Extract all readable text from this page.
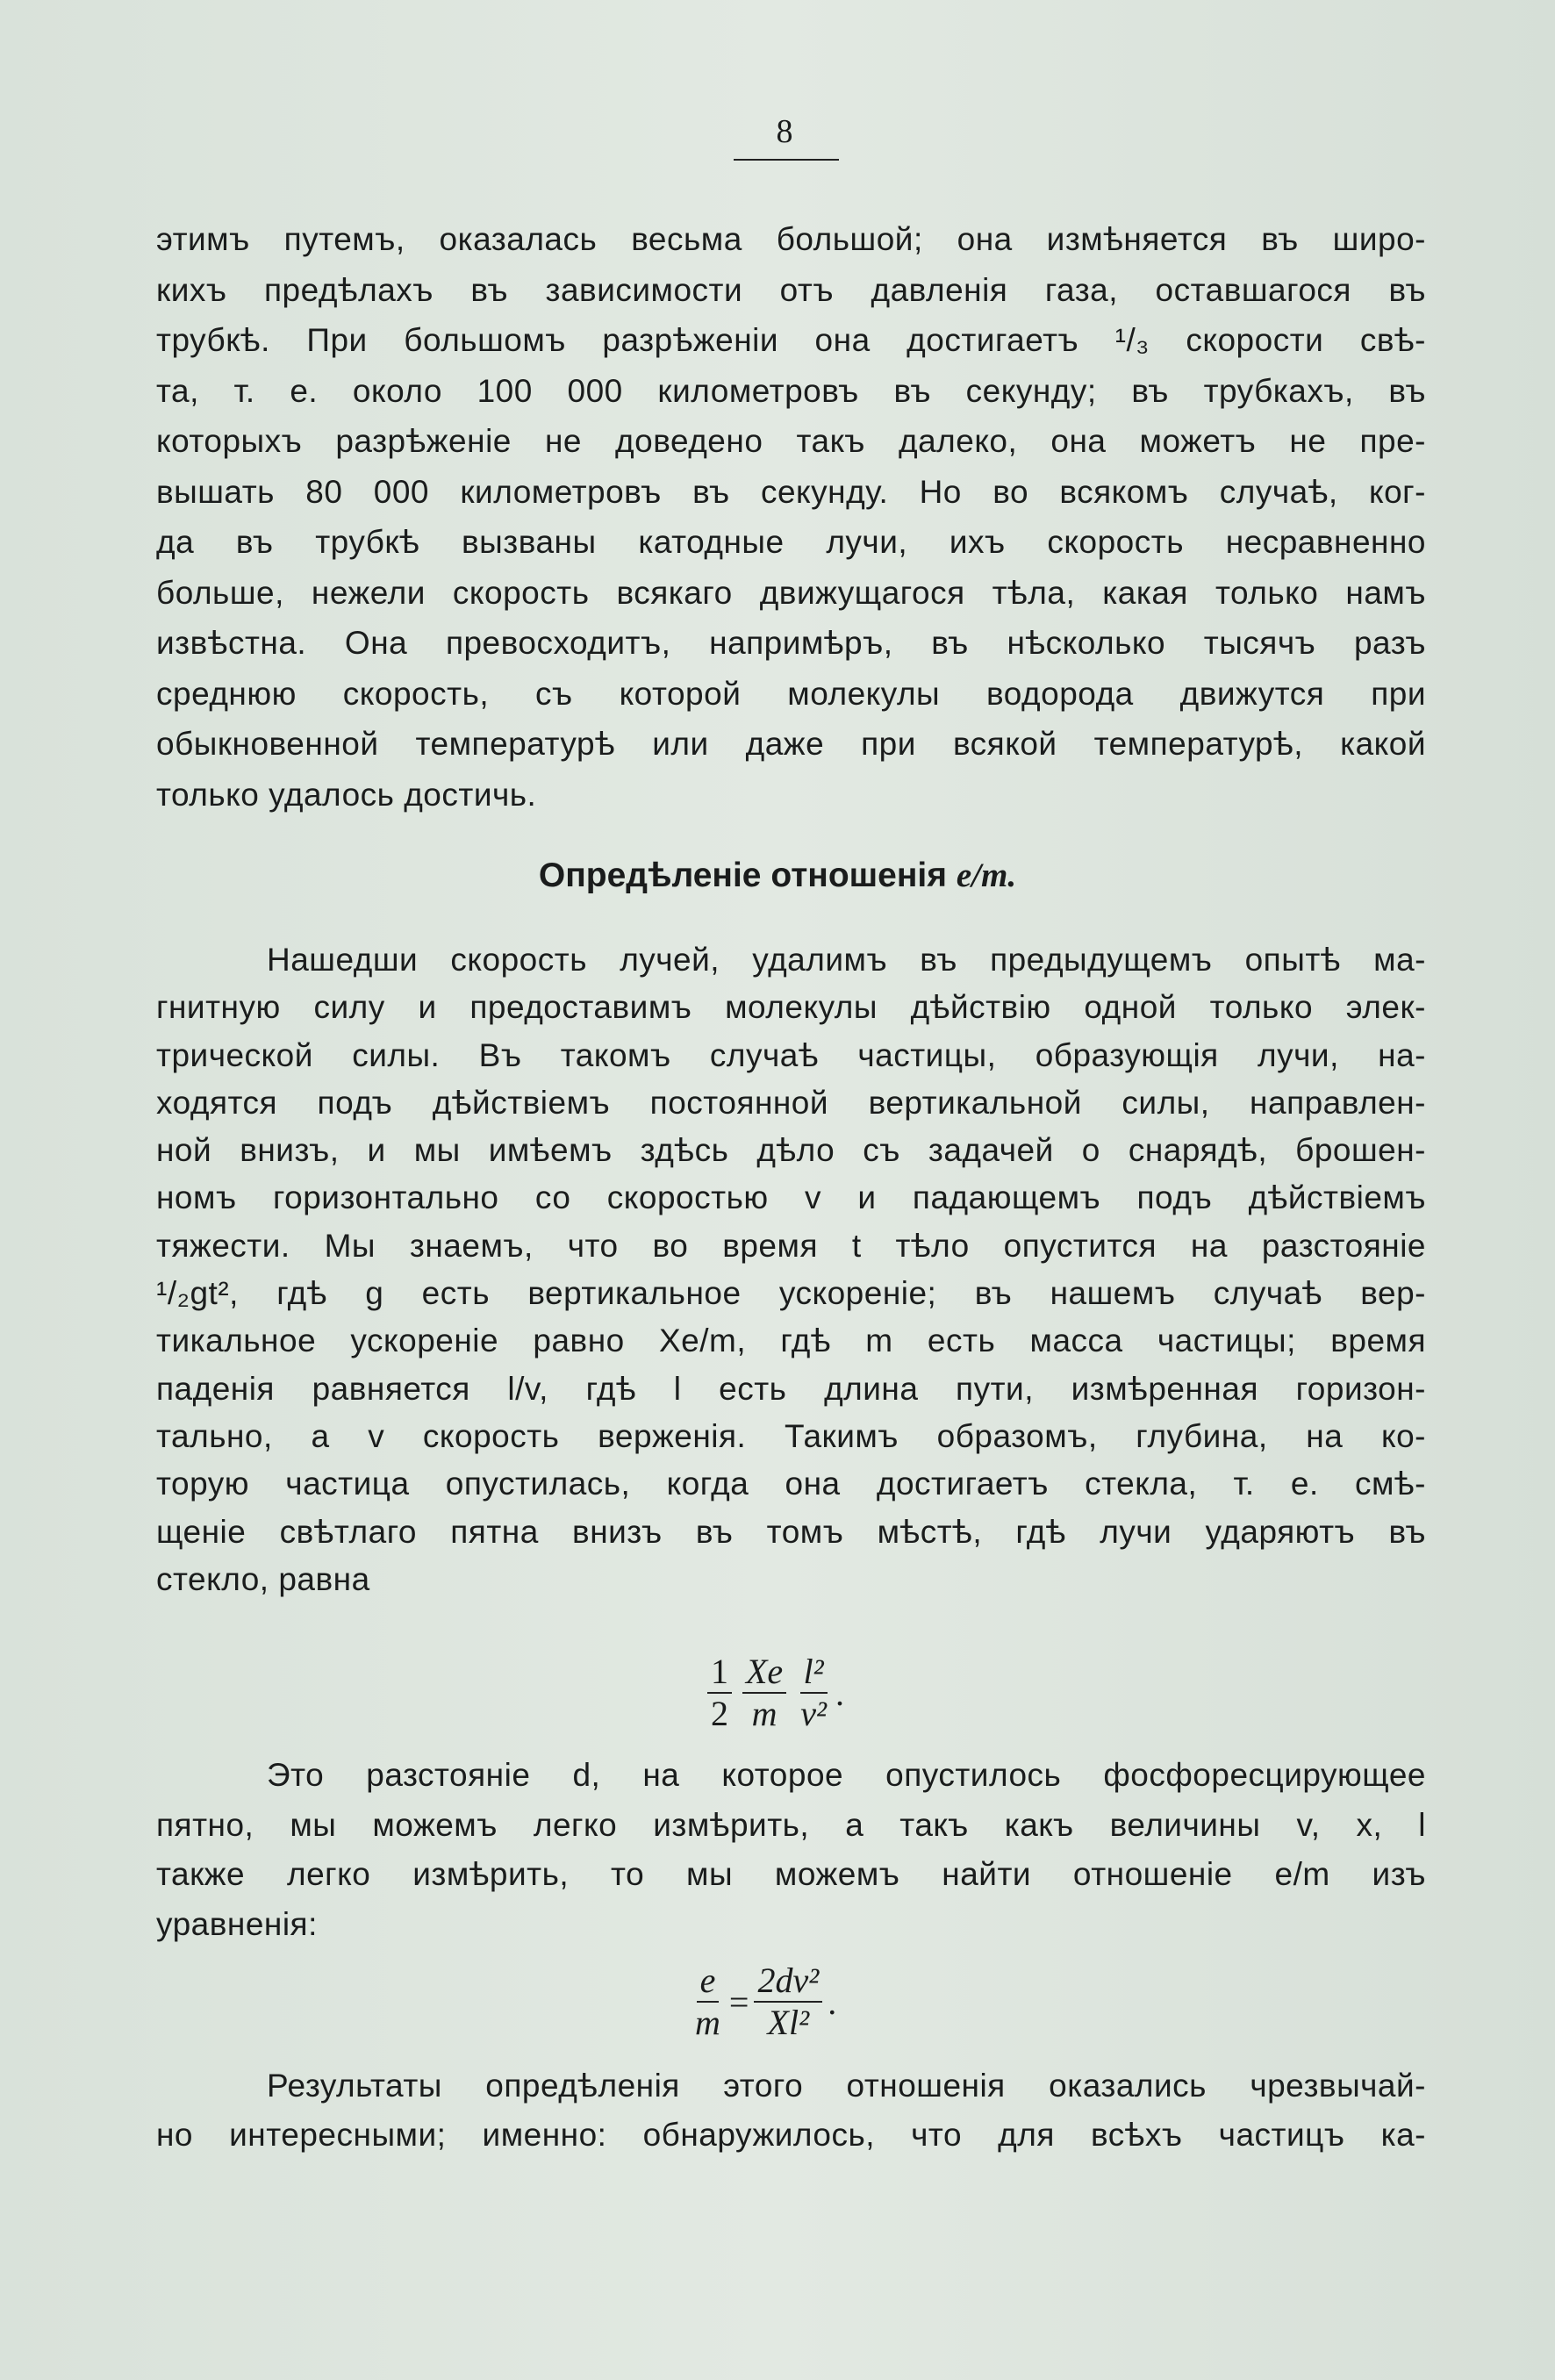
8
этимъ путемъ, оказалась весьма большой; она измѣняется въ широ-
кихъ предѣлахъ въ зависимости отъ давленія газа, оставшагося въ
трубкѣ. При большомъ разрѣженіи она достигаетъ ¹/₃ скорости свѣ-
та, т. е. около 100 000 километровъ въ секунду; въ трубкахъ, въ
которыхъ разрѣженіе не доведено такъ далеко, она можетъ не пре-
вышать 80 000 километровъ въ секунду. Но во всякомъ случаѣ, ког-
да въ трубкѣ вызваны катодные лучи, ихъ скорость несравненно
больше, нежели скорость всякаго движущагося тѣла, какая только намъ
извѣстна. Она превосходитъ, напримѣръ, въ нѣсколько тысячъ разъ
среднюю скорость, съ которой молекулы водорода движутся при
обыкновенной температурѣ или даже при всякой температурѣ, какой
только удалось достичь.
Опредѣленіе отношенія e/m.
Нашедши скорость лучей, удалимъ въ предыдущемъ опытѣ ма-
гнитную силу и предоставимъ молекулы дѣйствію одной только элек-
трической силы. Въ такомъ случаѣ частицы, образующія лучи, на-
ходятся подъ дѣйствіемъ постоянной вертикальной силы, направлен-
ной внизъ, и мы имѣемъ здѣсь дѣло съ задачей о снарядѣ, брошен-
номъ горизонтально со скоростью v и падающемъ подъ дѣйствіемъ
тяжести. Мы знаемъ, что во время t тѣло опустится на разстояніе
¹/₂gt², гдѣ g есть вертикальное ускореніе; въ нашемъ случаѣ вер-
тикальное ускореніе равно Xe/m, гдѣ m есть масса частицы; время
паденія равняется l/v, гдѣ l есть длина пути, измѣренная горизон-
тально, а v скорость верженія. Такимъ образомъ, глубина, на ко-
торую частица опустилась, когда она достигаетъ стекла, т. е. смѣ-
щеніе свѣтлаго пятна внизъ въ томъ мѣстѣ, гдѣ лучи ударяютъ въ
стекло, равна
$\frac{1}{2} \frac{Xe}{m} \frac{\text{l²}}{\text{v²}}$ .
Это разстояніе d, на которое опустилось фосфоресцирующее
пятно, мы можемъ легко измѣрить, а такъ какъ величины v, x, l
также легко измѣрить, то мы можемъ найти отношеніе e/m изъ
уравненія:
$\frac{e}{m} = \frac{\text{2dv²}}{\text{Xl²}}$ .
Результаты опредѣленія этого отношенія оказались чрезвычай-
но интересными; именно: обнаружилось, что для всѣхъ частицъ ка-
